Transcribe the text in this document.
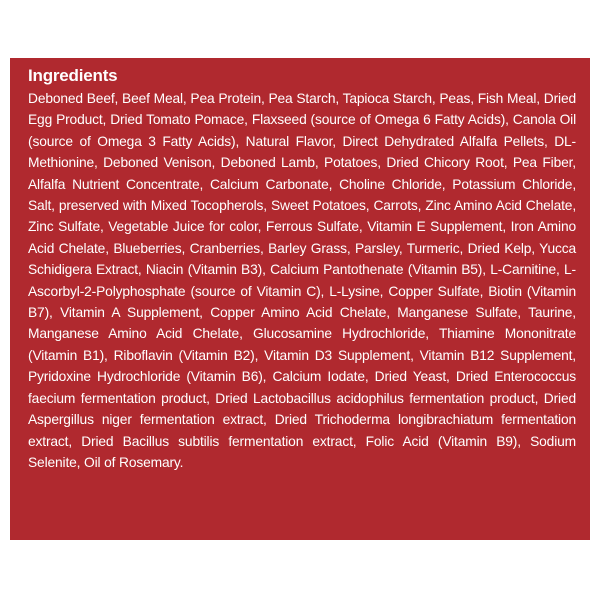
Ingredients

Deboned Beef, Beef Meal, Pea Protein, Pea Starch, Tapioca Starch, Peas, Fish Meal, Dried Egg Product, Dried Tomato Pomace, Flaxseed (source of Omega 6 Fatty Acids), Canola Oil (source of Omega 3 Fatty Acids), Natural Flavor, Direct Dehydrated Alfalfa Pellets, DL-Methionine, Deboned Venison, Deboned Lamb, Potatoes, Dried Chicory Root, Pea Fiber, Alfalfa Nutrient Concentrate, Calcium Carbonate, Choline Chloride, Potassium Chloride, Salt, preserved with Mixed Tocopherols, Sweet Potatoes, Carrots, Zinc Amino Acid Chelate, Zinc Sulfate, Vegetable Juice for color, Ferrous Sulfate, Vitamin E Supplement, Iron Amino Acid Chelate, Blueberries, Cranberries, Barley Grass, Parsley, Turmeric, Dried Kelp, Yucca Schidigera Extract, Niacin (Vitamin B3), Calcium Pantothenate (Vitamin B5), L-Carnitine, L-Ascorbyl-2-Polyphosphate (source of Vitamin C), L-Lysine, Copper Sulfate, Biotin (Vitamin B7), Vitamin A Supplement, Copper Amino Acid Chelate, Manganese Sulfate, Taurine, Manganese Amino Acid Chelate, Glucosamine Hydrochloride, Thiamine Mononitrate (Vitamin B1), Riboflavin (Vitamin B2), Vitamin D3 Supplement, Vitamin B12 Supplement, Pyridoxine Hydrochloride (Vitamin B6), Calcium Iodate, Dried Yeast, Dried Enterococcus faecium fermentation product, Dried Lactobacillus acidophilus fermentation product, Dried Aspergillus niger fermentation extract, Dried Trichoderma longibrachiatum fermentation extract, Dried Bacillus subtilis fermentation extract, Folic Acid (Vitamin B9), Sodium Selenite, Oil of Rosemary.
